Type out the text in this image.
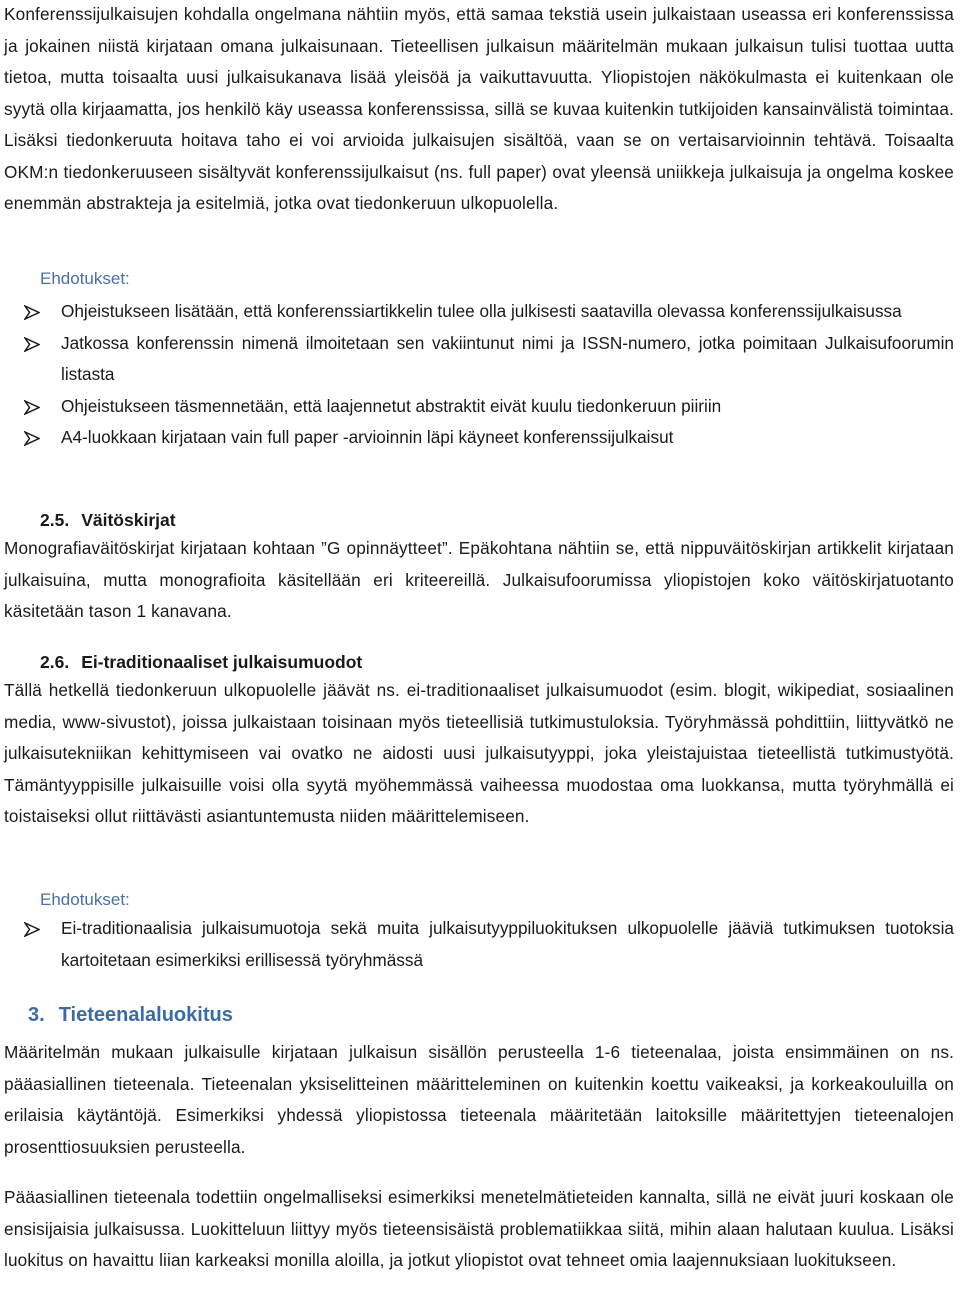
Konferenssijulkaisujen kohdalla ongelmana nähtiin myös, että samaa tekstiä usein julkaistaan useassa eri konferenssissa ja jokainen niistä kirjataan omana julkaisunaan. Tieteellisen julkaisun määritelmän mukaan julkaisun tulisi tuottaa uutta tietoa, mutta toisaalta uusi julkaisukanava lisää yleisöä ja vaikuttavuutta. Yliopistojen näkökulmasta ei kuitenkaan ole syytä olla kirjaamatta, jos henkilö käy useassa konferenssissa, sillä se kuvaa kuitenkin tutkijoiden kansainvälistä toimintaa. Lisäksi tiedonkeruuta hoitava taho ei voi arvioida julkaisujen sisältöä, vaan se on vertaisarvioinnin tehtävä. Toisaalta OKM:n tiedonkeruuseen sisältyvät konferenssijulkaisut (ns. full paper) ovat yleensä uniikkeja julkaisuja ja ongelma koskee enemmän abstrakteja ja esitelmiä, jotka ovat tiedonkeruun ulkopuolella.

Ehdotukset:

Ohjeistukseen lisätään, että konferenssiartikkelin tulee olla julkisesti saatavilla olevassa konferenssijulkaisussa
Jatkossa konferenssin nimenä ilmoitetaan sen vakiintunut nimi ja ISSN-numero, jotka poimitaan Julkaisufoorumin listasta
Ohjeistukseen täsmennetään, että laajennetut abstraktit eivät kuulu tiedonkeruun piiriin
A4-luokkaan kirjataan vain full paper -arvioinnin läpi käyneet konferenssijulkaisut
2.5. Väitöskirjat

Monografiaväitöskirjat kirjataan kohtaan ”G opinnäytteet”. Epäkohtana nähtiin se, että nippuväitöskirjan artikkelit kirjataan julkaisuina, mutta monografioita käsitellään eri kriteereillä. Julkaisufoorumissa yliopistojen koko väitöskirjatuotanto käsitetään tason 1 kanavana.

2.6. Ei-traditionaaliset julkaisumuodot

Tällä hetkellä tiedonkeruun ulkopuolelle jäävät ns. ei-traditionaaliset julkaisumuodot (esim. blogit, wikipediat, sosiaalinen media, www-sivustot), joissa julkaistaan toisinaan myös tieteellisiä tutkimustuloksia. Työryhmässä pohdittiin, liittyvätkö ne julkaisutekniikan kehittymiseen vai ovatko ne aidosti uusi julkaisutyyppi, joka yleistajuistaa tieteellistä tutkimustyötä. Tämäntyyppisille julkaisuille voisi olla syytä myöhemmässä vaiheessa muodostaa oma luokkansa, mutta työryhmällä ei toistaiseksi ollut riittävästi asiantuntemusta niiden määrittelemiseen.

Ehdotukset:

Ei-traditionaalisia julkaisumuotoja sekä muita julkaisutyyppiluokituksen ulkopuolelle jääviä tutkimuksen tuotoksia kartoitetaan esimerkiksi erillisessä työryhmässä
3. Tieteenalaluokitus

Määritelmän mukaan julkaisulle kirjataan julkaisun sisällön perusteella 1-6 tieteenalaa, joista ensimmäinen on ns. pääasiallinen tieteenala. Tieteenalan yksiselitteinen määritteleminen on kuitenkin koettu vaikeaksi, ja korkeakouluilla on erilaisia käytäntöjä. Esimerkiksi yhdessä yliopistossa tieteenala määritetään laitoksille määritettyjen tieteenalojen prosenttiosuuksien perusteella.

Pääasiallinen tieteenala todettiin ongelmalliseksi esimerkiksi menetelmätieteiden kannalta, sillä ne eivät juuri koskaan ole ensisijaisia julkaisussa. Luokitteluun liittyy myös tieteensisäistä problematiikkaa siitä, mihin alaan halutaan kuulua. Lisäksi luokitus on havaittu liian karkeaksi monilla aloilla, ja jotkut yliopistot ovat tehneet omia laajennuksiaan luokitukseen.
